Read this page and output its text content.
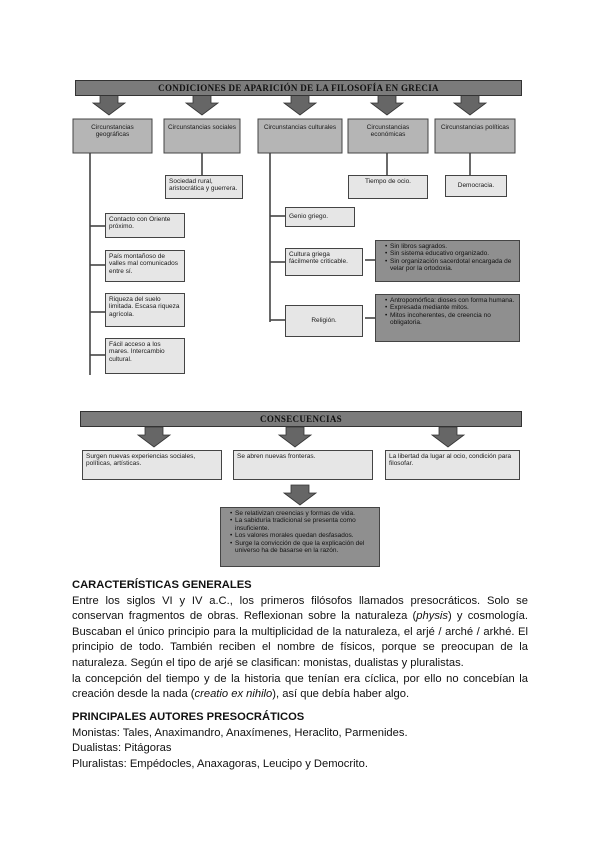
CONDICIONES DE APARICIÓN DE LA FILOSOFÍA EN GRECIA
Circunstancias geográficas
Circunstancias sociales	Circunstancias culturales	Circunstancias económicas
Circunstancias políticas
Sociedad rural, aristocrática y guerrera.
Tiempo de ocio.
Democracia.
Contacto con Oriente próximo.
País montañoso de valles mal comunicados entre sí.
Riqueza del suelo limitada. Escasa riqueza agrícola.
Fácil acceso a los mares. Intercambio cultural.
Genio griego.
Cultura griega fácilmente criticable.
Religión.
• Sin libros sagrados.
• Sin sistema educativo organizado.
• Sin organización sacerdotal encargada de velar por la ortodoxia.
• Antropomórfica: dioses con forma humana.
• Expresada mediante mitos.
• Mitos incoherentes, de creencia no obligatoria.
CONSECUENCIAS
Surgen nuevas experiencias sociales, políticas, artísticas.
Se abren nuevas fronteras.	La libertad da lugar al ocio, condición para filosofar.
• Se relativizan creencias y formas de vida.
• La sabiduría tradicional se presenta como insuficiente.
• Los valores morales quedan desfasados.
• Surge la convicción de que la explicación del universo ha de basarse en la razón.

CARACTERÍSTICAS GENERALES

Entre los siglos VI y IV a.C., los primeros filósofos llamados presocráticos. Solo se conservan fragmentos de obras. Reflexionan sobre la naturaleza (physis) y cosmología. Buscaban el único principio para la multiplicidad de la naturaleza, el arjé / arché / arkhé. El principio de todo. También reciben el nombre de físicos, porque se preocupan de la naturaleza. Según el tipo de arjé se clasifican: monistas, dualistas y pluralistas.

la concepción del tiempo y de la historia que tenían era cíclica, por ello no concebían la creación desde la nada (creatio ex nihilo), así que debía haber algo.

PRINCIPALES AUTORES PRESOCRÁTICOS

Monistas: Tales, Anaximandro, Anaxímenes, Heraclito, Parmenides.

Dualistas: Pitágoras

Pluralistas: Empédocles, Anaxagoras, Leucipo y Democrito.
